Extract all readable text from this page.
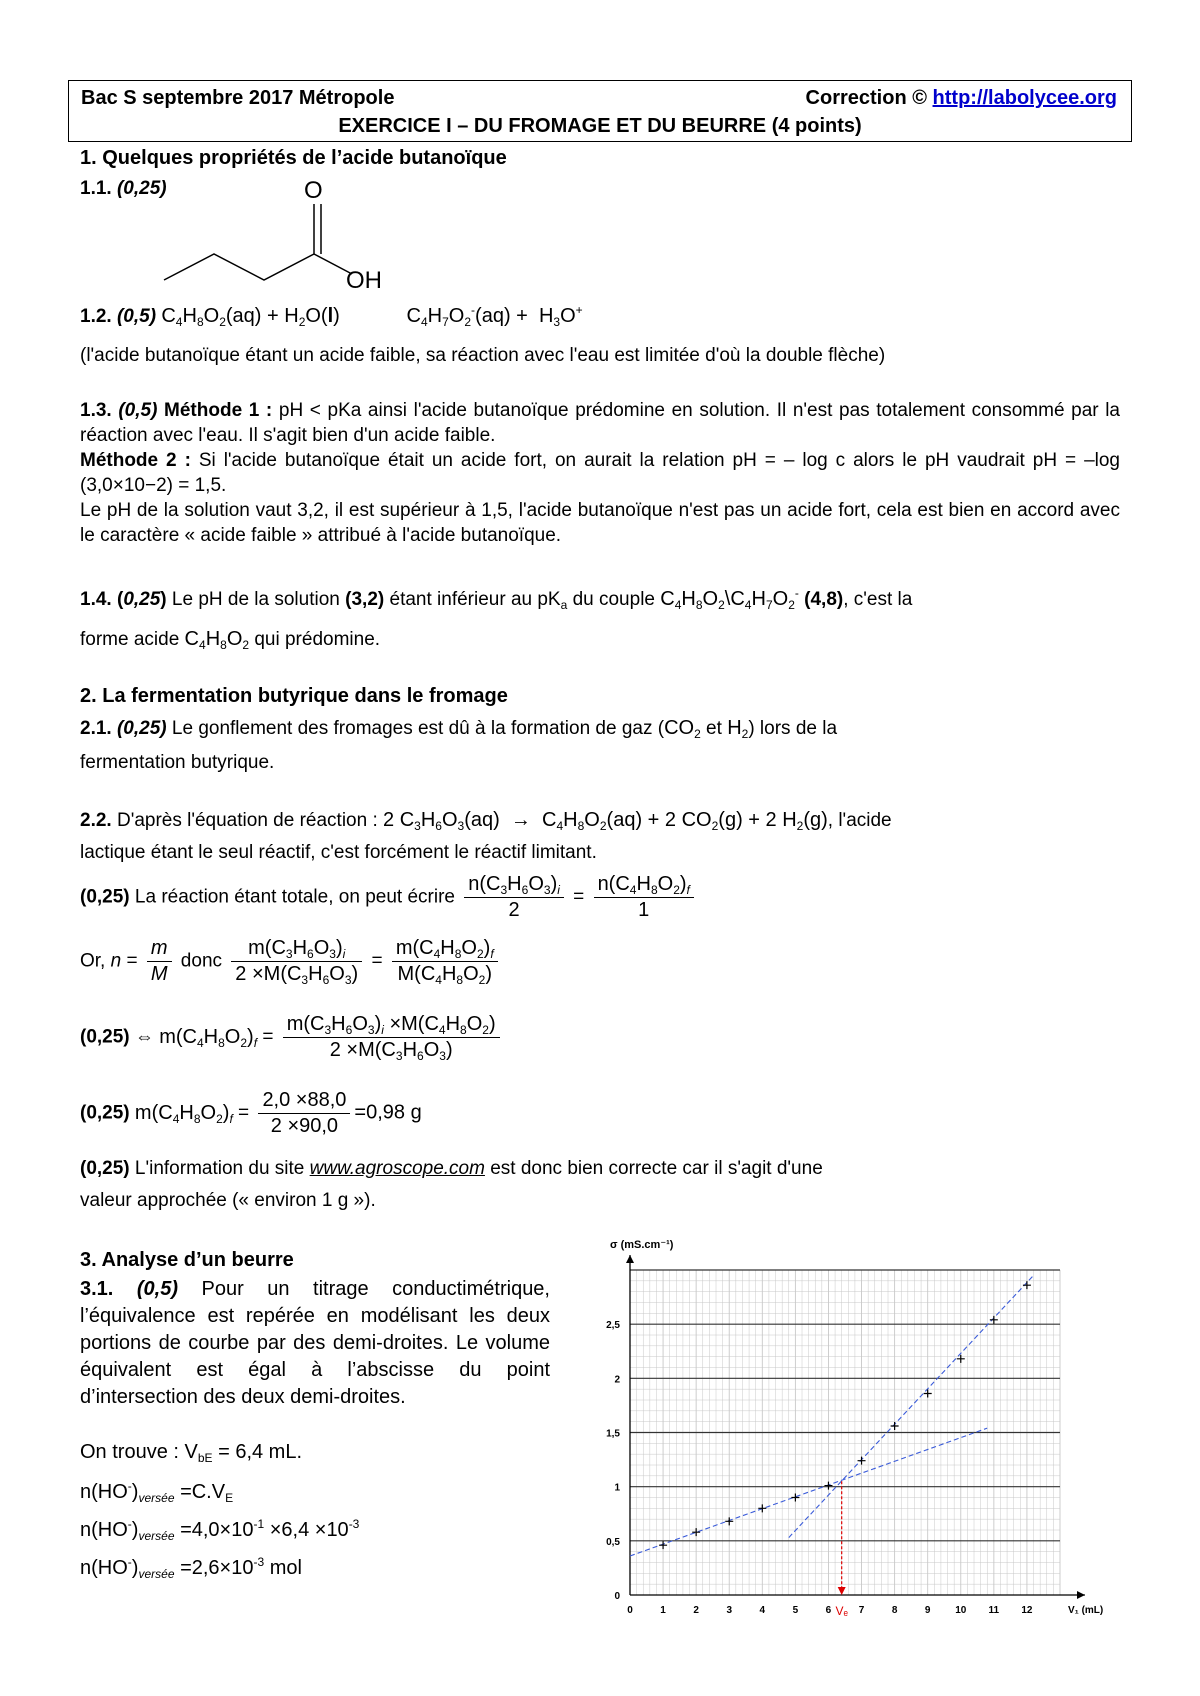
Bac S septembre 2017 Métropole	Correction © http://labolycee.org
EXERCICE I – DU FROMAGE ET DU BEURRE (4 points)
1. Quelques propriétés de l’acide butanoïque
1.1. (0,25)	O
OH
1.2. (0,5) $C_4H_8O_2(aq) + H_2O(l)$            $C_4H_7O_2^-(aq) + H_3O^+$
(l'acide butanoïque étant un acide faible, sa réaction avec l'eau est limitée d'où la double flèche)
1.3. (0,5) Méthode 1 : pH < pKa ainsi l'acide butanoïque prédomine en solution. Il n'est pas totalement consommé par la réaction avec l'eau. Il s'agit bien d'un acide faible.
Méthode 2 : Si l'acide butanoïque était un acide fort, on aurait la relation pH = – log c alors le pH vaudrait pH = –log (3,0×10−2) = 1,5.
Le pH de la solution vaut 3,2, il est supérieur à 1,5, l'acide butanoïque n'est pas un acide fort, cela est bien en accord avec le caractère « acide faible » attribué à l'acide butanoïque.
1.4. (0,25) Le pH de la solution (3,2) étant inférieur au $pK_a$ du couple $C_4H_8O_2\backslash C_4H_7O_2^-$ (4,8), c'est la
forme acide $C_4H_8O_2$ qui prédomine.
2. La fermentation butyrique dans le fromage
2.1. (0,25) Le gonflement des fromages est dû à la formation de gaz ($CO_2$ et $H_2$) lors de la
fermentation butyrique.
2.2. D'après l'équation de réaction : 2 $C_3H_6O_3(aq) \to C_4H_8O_2(aq) + 2$ $CO_2(g) + 2$ $H_2(g)$, l'acide
lactique étant le seul réactif, c'est forcément le réactif limitant.
(0,25) La réaction étant totale, on peut écrire $\frac{n(C_3H_6O_3)_i}{2} = \frac{n(C_4H_8O_2)_f}{1}$
Or, $n = \frac{m}{M}$ donc $\frac{m(C_3H_6O_3)_i}{2 \times M(C_3H_6O_3)} = \frac{m(C_4H_8O_2)_f}{M(C_4H_8O_2)}$
(0,25) ⇔ $m(C_4H_8O_2)_f = \frac{m(C_3H_6O_3)_i \times M(C_4H_8O_2)}{2 \times M(C_3H_6O_3)}$
(0,25) $m(C_4H_8O_2)_f = \frac{2,0 \times 88,0}{2 \times 90,0} =0,98$ g
(0,25) L'information du site www.agroscope.com est donc bien correcte car il s'agit d'une
valeur approchée (« environ 1 g »).
3. Analyse d’un beurre
3.1. (0,5) Pour un titrage conductimétrique, l’équivalence est repérée en modélisant les deux portions de courbe par des demi-droites. Le volume équivalent est égal à l’abscisse du point d’intersection des deux demi-droites.
On trouve : $V_{bE} = 6,4$ mL.
$n(HO^-)_{versée} =C.V_E$
$n(HO^-)_{versée} =4,0\times 10^{-1} \times 6,4 \times 10^{-3}$
$n(HO^-)_{versée} =2,6\times 10^{-3}$ mol
0	1	2	3	4	5	6	7	8	9 10 11 12
0
0,5
1
1,5
2
2,5
σ (mS.cm⁻¹)
V₁ (mL)
Vₑ
